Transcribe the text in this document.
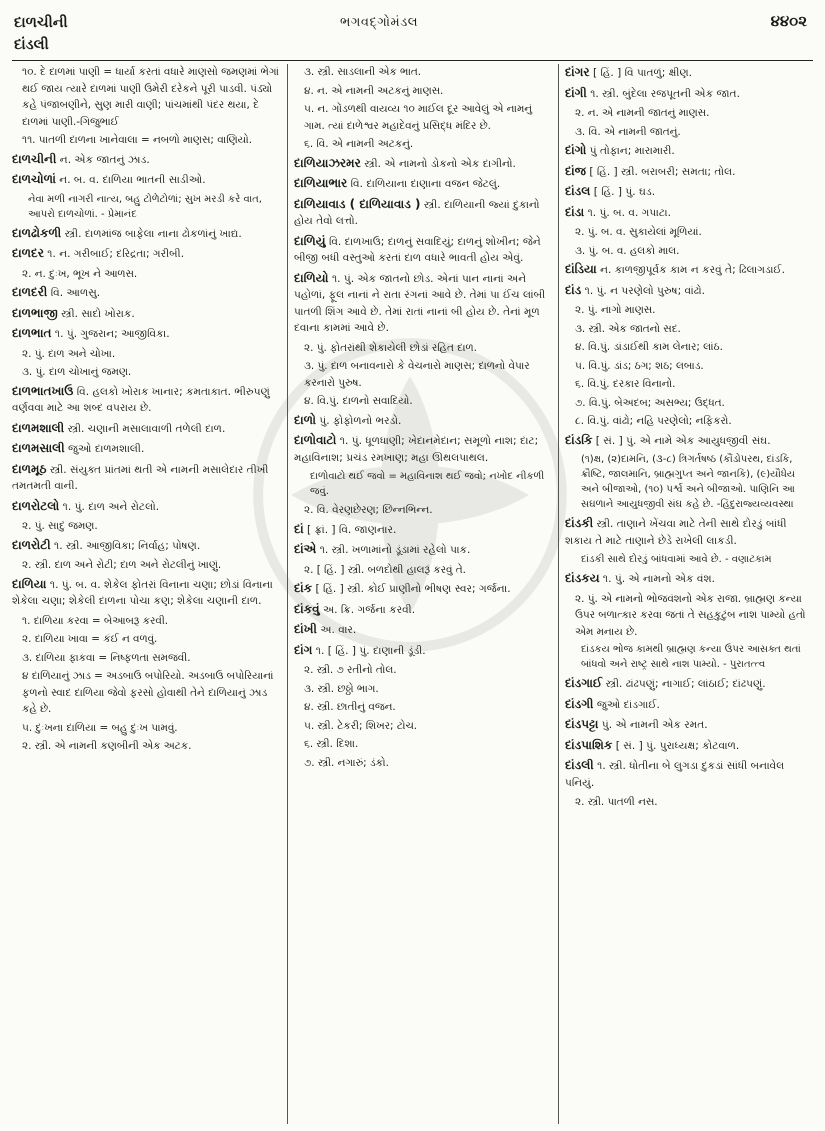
દાળચીની
દાંડલી
ભગવદ્ગોમંડલ	૪૪૦૨
૧૦. દે દાળમાં પાણી = ધાર્યા કરતાં વધારે માણસો જમણમાં ભેગાં થઈ જાય ત્યારે દાળમાં પાણી ઉમેરી દરેકને પૂરી પાડવી. પંડ્યો કહે પંજાબણીને, સુણ મારી વાણી; પાંચમાંથી પંદર થયા, દે દાળમાં પાણી.-ગિજુભાઈ
૧૧. પાતળી દાળના ખાનેવાલા = નબળો માણસ; વાણિયો.
દાળચીની ન. એક જાતનું ઝાડ.
દાળચોળાં ન. બ. વ. દાળિયા ભાતની સાડીઓ.
નેવા મળી નાગરી નાત્ય, બહુ ટોળેટોળાં; સુખ મરડી કરે વાત, આપરો દાળચોળાં. - પ્રેમાનંદ
દાળઢોકળી સ્ત્રી. દાળમાંજ બાફેલા નાના ઢોકળાંનું ખાદ્ય.
દાળદર ૧. ન. ગરીબાઈ; દરિદ્રતા; ગરીબી.
૨. ન. દુઃખ, ભૂખ ને આળસ.
દાળદરી વિ. આળસુ.
દાળભાજી સ્ત્રી. સાદો ખોરાક.
દાળભાત ૧. પું. ગુજરાન; આજીવિકા.
૨. પું. દાળ અને ચોખા.
૩. પું. દાળ ચોખાનું જમણ.
દાળભાતખાઉ વિ. હલકો ખોરાક ખાનાર; કમતાકાત. ભીરુપણું વર્ણવવા માટે આ શબ્દ વપરાય છે.
દાળમશાલી સ્ત્રી. ચણાની મસાલાવાળી તળેલી દાળ.
દાળમસાલી જુઓ દાળમશાલી.
દાળમૂઠ સ્ત્રી. સંયુક્ત પ્રાંતમાં થતી એ નામની મસાલેદાર તીખી તમતમતી વાની.
દાળરોટલો ૧. પું. દાળ અને રોટલો.
૨. પું. સાદું જમણ.
દાળરોટી ૧. સ્ત્રી. આજીવિકા; નિર્વાહ; પોષણ.
૨. સ્ત્રી. દાળ અને રોટી; દાળ અને રોટલીનું ખાણું.
દાળિયા ૧. પું. બ. વ. શેકેલ ફોતરાં વિનાના ચણા; છોડાં વિનાના શેકેલા ચણા; શેકેલી દાળના પોચા કણ; શેકેલા ચણાની દાળ.
૧. દાળિયા કરવા = બેઆબરૂ કરવી.
૨. દાળિયા ખાવા = કંઈ ન વળવું.
૩. દાળિયા ફાકવા = નિષ્ફળતા સમજવી.
૪ દાળિયાનું ઝાડ = અડબાઉ બપોરિયો. અડબાઉ બપોરિયાનાં ફળનો સ્વાદ દાળિયા જેવો ફરસો હોવાથી તેને દાળિયાનું ઝાડ કહે છે.
૫. દુઃખના દાળિયા = બહુ દુઃખ પામવું.
૨. સ્ત્રી. એ નામની કણબીની એક અટક.
૩. સ્ત્રી. સાડલાની એક ભાત.
૪. ન. એ નામની અટકનું માણસ.
૫. ન. ગોંડળથી વાયવ્ય ૧૦ માઈલ દૂર આવેલું એ નામનું ગામ. ત્યાં દાળેશ્વર મહાદેવનું પ્રસિદ્ધ મંદિર છે.
૬. વિ. એ નામની અટકનું.
દાળિયાઝરમર સ્ત્રી. એ નામનો ડોકનો એક દાગીનો.
દાળિયાભાર વિ. દાળિયાના દાણાના વજન જેટલું.
દાળિયાવાડ ( દાળિયાવાડ ) સ્ત્રી. દાળિયાની જ્યાં દુકાનો હોય તેવો લત્તો.
દાળિયું વિ. દાળખાઉ; દાળનું સવાદિયું; દાળનું શોખીન; જેને બીજી બધી વસ્તુઓ કરતાં દાળ વધારે ભાવતી હોય એવું.
દાળિયો ૧. પું. એક જાતનો છોડ. એનાં પાન નાનાં અને પહોળાં, ફૂલ નાનાં ને રાતા રંગનાં આવે છે. તેમાં પા ઈંચ લાંબી પાતળી શિંગ આવે છે. તેમાં રાતાં નાનાં બી હોય છે. તેનાં મૂળ દવાના કામમાં આવે છે.
૨. પું. ફોતરાંથી શેકાયેલી છોડાં રહિત દાળ.
૩. પું. દાળ બનાવનારો કે વેચનારો માણસ; દાળનો વેપાર કરનારો પુરુષ.
૪. વિ.પું. દાળનો સવાદિયો.
દાળો પું. ફોફોળનો ભરડો.
દાળોવાટો ૧. પું. ધૂળધાણી; ખેદાનમેદાન; સમૂળો નાશ; દાટ; મહાવિનાશ; પ્રચંડ રમખાણ; મહા ઊથલપાથલ.
દાળોવાટો થઈ જવો = મહાવિનાશ થઈ જવો; નખોદ નીકળી જવું.
૨. વિ. વેરણછેરણ; છિન્નભિન્ન.
દાં [ ફ્રાં. ] વિ. જાણનાર.
દાંએ ૧. સ્ત્રી. ખળામાંનો ડૂંડામાં રહેલો પાક.
૨. [ હિં. ] સ્ત્રી. બળદોથી હાલરૂં કરવું તે.
દાંક [ હિં. ] સ્ત્રી. કોઈ પ્રાણીનો ભીષણ સ્વર; ગર્જના.
દાંકવું અ. ક્રિ. ગર્જના કરવી.
દાંખી અ. વાર.
દાંગ ૧. [ હિં. ] પું. દાણાની ડૂંડી.
૨. સ્ત્રી. ૭ રતીનો તોલ.
૩. સ્ત્રી. છઠ્ઠો ભાગ.
૪. સ્ત્રી. છાતીનું વજન.
૫. સ્ત્રી. ટેકરી; શિખર; ટોચ.
૬. સ્ત્રી. દિશા.
૭. સ્ત્રી. નગારું; ડંકો.
દાંગર [ હિં. ] વિ પાતળું; ક્ષીણ.
દાંગી ૧. સ્ત્રી. બુંદેલા રજપૂતની એક જાત.
૨. ન. એ નામની જાતનું માણસ.
૩. વિ. એ નામની જાતનું.
દાંગો પું તોફાન; મારામારી.
દાંજ [ હિં. ] સ્ત્રી. બરાબરી; સમતા; તોલ.
દાંડલ [ હિં. ] પું. ઘડ.
દાંડા ૧. પું. બ. વ. ગપાટા.
૨. પું. બ. વ. સુકાયેલાં મૂળિયાં.
૩. પું. બ. વ. હલકો માલ.
દાંડિયા ન. કાળજીપૂર્વક કામ ન કરવું તે; ઢિલાગડાઈ.
દાંડ ૧. પું. ન પરણેલો પુરુષ; વાંઢો.
૨. પું. નાગો માણસ.
૩. સ્ત્રી. એક જાતનો સદ.
૪. વિ.પું. ડાંડાઈથી કામ લેનાર; લાંઠ.
૫. વિ.પું. ડાંડ; ઠગ; શઠ; લબાડ.
૬. વિ.પું. દરકાર વિનાનો.
૭. વિ.પું. બેઅદબ; અસભ્ય; ઉદ્ધત.
૮. વિ.પું. વાંઢો; નહિ પરણેલો; નફિકરો.
દાંડકિ [ સં. ] પું. એ નામે એક આયુધજીવી સંઘ.
(૧)ક્ષ, (૨)દામનિ, (૩-૮) ત્રિગર્તષષ્ઠ (કૌંડોપરથ, દાંડકિ, ક્રૌષ્ટિ, જાલમાનિ, બ્રાહ્મગુપ્ત અને જાનકિ), (૯)યૌધેય અને બીજાઓ, (૧૦) પર્શ્વ અને બીજાઓ. પાણિનિ આ સઘળાને આયુધજીવી સંઘ કહે છે. -હિંદુરાજ્યવ્યવસ્થા
દાંડકી સ્ત્રી. તાણાને ખેંચવા માટે તેની સાથે દોરડું બાંધી શકાય તે માટે તાણાને છેડે રાખેલી લાકડી.
દાંડકી સાથે દોરડું બાંધવામાં આવે છે. - વણાટકામ
દાંડકય ૧. પું. એ નામનો એક વંશ.
૨. પું. એ નામનો ભોજવંશનો એક રાજા. બ્રાહ્મણ કન્યા ઉપર બળાત્કાર કરવા જતાં તે સહકુટુંબ નાશ પામ્યો હતો એમ મનાય છે.
દાંડકય ભોજ કામથી બ્રાહ્મણ કન્યા ઉપર આસક્ત થતાં બાંધવો અને રાષ્ટ્ર સાથે નાશ પામ્યો. - પુરાતત્ત્વ
દાંડગાઈ સ્ત્રી. ઢાંઢપણું; નાગાઈ; લાંઠાઈ; દાંઢપણું.
દાંડગી જુઓ દાંડગાઈ.
દાંડપટ્ટા પું. એ નામની એક રમત.
દાંડપાશિક [ સં. ] પું. પુરાધ્યક્ષ; કોટવાળ.
દાંડલી ૧. સ્ત્રી. ધોતીના બે લુગડા દુકડાં સાંધી બનાવેલ પનિયું.
૨. સ્ત્રી. પાતળી નસ.
